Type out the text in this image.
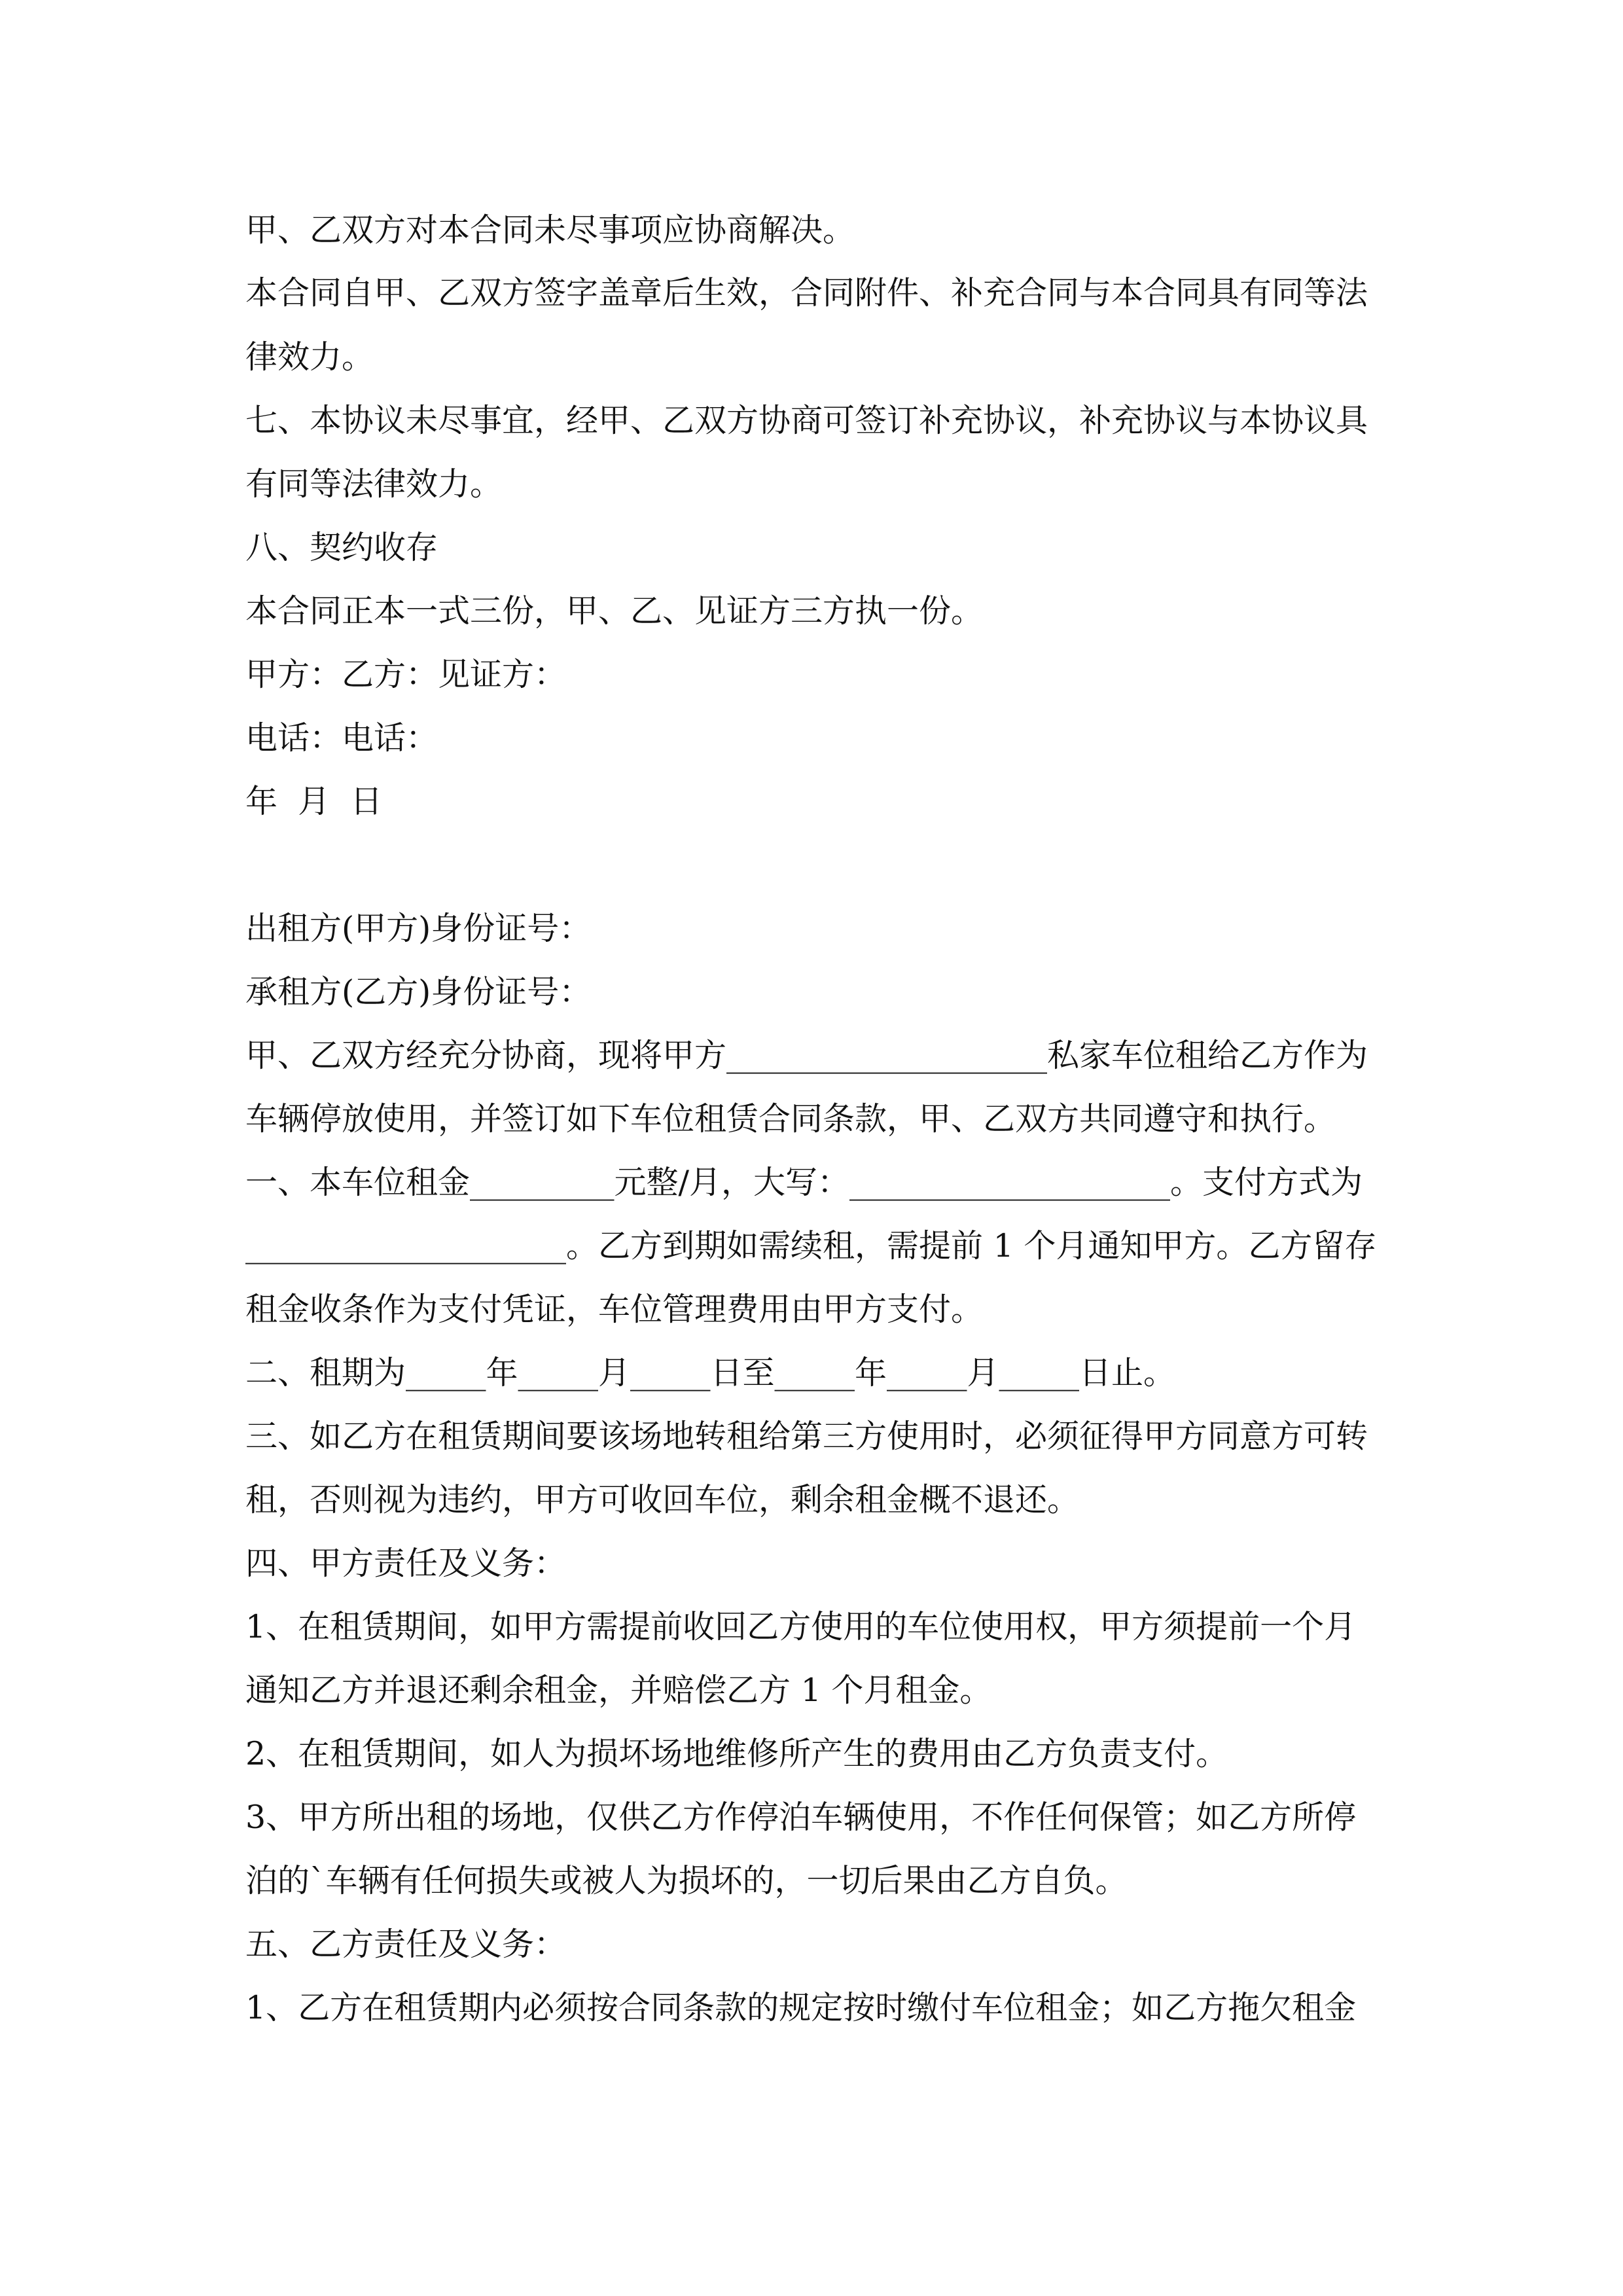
甲、乙双方对本合同未尽事项应协商解决。
本合同自甲、乙双方签字盖章后生效，合同附件、补充合同与本合同具有同等法
律效力。
七、本协议未尽事宜，经甲、乙双方协商可签订补充协议，补充协议与本协议具
有同等法律效力。
八、契约收存
本合同正本一式三份，甲、乙、见证方三方执一份。
甲方：乙方：见证方：
电话：电话：
年  月  日
出租方(甲方)身份证号：
承租方(乙方)身份证号：
甲、乙双方经充分协商，现将甲方____________________私家车位租给乙方作为
车辆停放使用，并签订如下车位租赁合同条款，甲、乙双方共同遵守和执行。
一、本车位租金_________元整/月，大写：____________________。支付方式为
____________________。乙方到期如需续租，需提前 1 个月通知甲方。乙方留存
租金收条作为支付凭证，车位管理费用由甲方支付。
二、租期为_____年_____月_____日至_____年_____月_____日止。
三、如乙方在租赁期间要该场地转租给第三方使用时，必须征得甲方同意方可转
租，否则视为违约，甲方可收回车位，剩余租金概不退还。
四、甲方责任及义务：
1、在租赁期间，如甲方需提前收回乙方使用的车位使用权，甲方须提前一个月
通知乙方并退还剩余租金，并赔偿乙方 1 个月租金。
2、在租赁期间，如人为损坏场地维修所产生的费用由乙方负责支付。
3、甲方所出租的场地，仅供乙方作停泊车辆使用，不作任何保管；如乙方所停
泊的`车辆有任何损失或被人为损坏的，一切后果由乙方自负。
五、乙方责任及义务：
1、乙方在租赁期内必须按合同条款的规定按时缴付车位租金；如乙方拖欠租金
